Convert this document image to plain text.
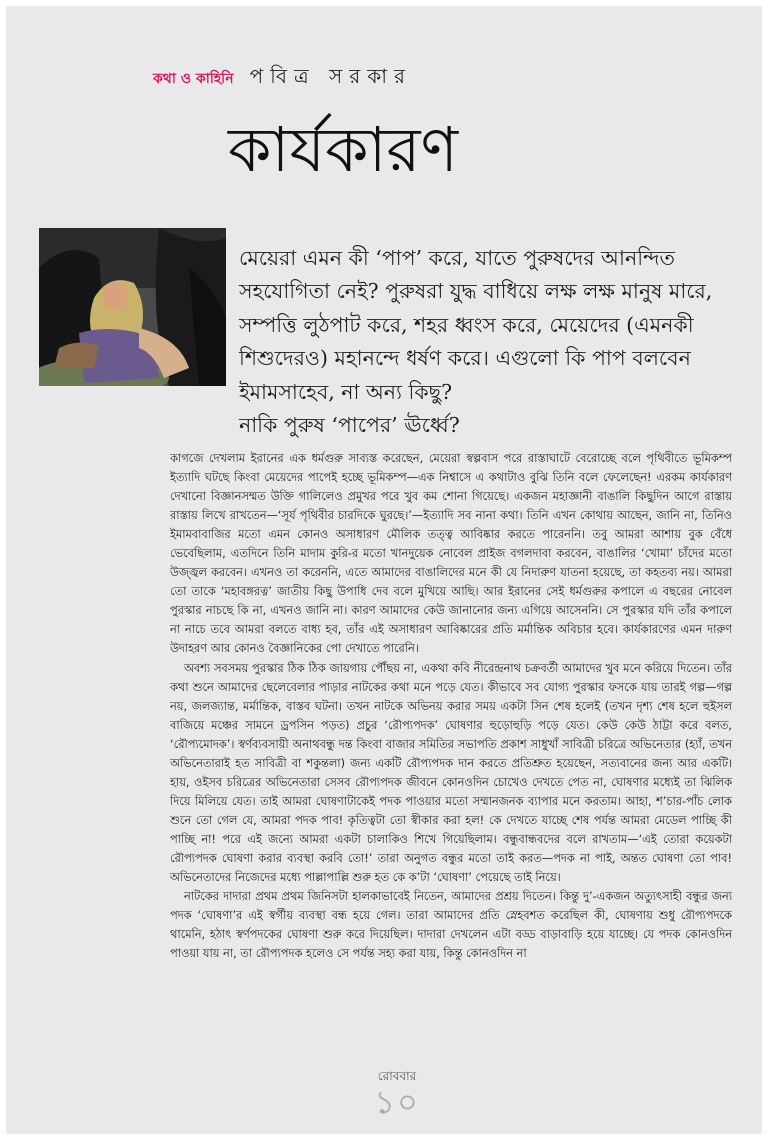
কথা ও কাহিনি পবিত্র সরকার
কার্যকারণ

মেয়েরা এমন কী ‘পাপ’ করে, যাতে পুরুষদের আনন্দিত সহযোগিতা নেই? পুরুষরা যুদ্ধ বাধিয়ে লক্ষ লক্ষ মানুষ মারে, সম্পত্তি লুঠপাট করে, শহর ধ্বংস করে, মেয়েদের (এমনকী শিশুদেরও) মহানন্দে ধর্ষণ করে। এগুলো কি পাপ বলবেন ইমামসাহেব, না অন্য কিছু?

নাকি পুরুষ ‘পাপের’ ঊর্ধ্বে?

কাগজে দেখলাম ইরানের এক ধর্মগুরু সাব্যস্ত করেছেন, মেয়েরা স্বল্পবাস পরে রাস্তাঘাটে বেরোচ্ছে বলে পৃথিবীতে ভূমিকম্প ইত্যাদি ঘটছে কিংবা মেয়েদের পাপেই হচ্ছে ভূমিকম্প—এক নিশ্বাসে এ কথাটাও বুঝি তিনি বলে ফেলেছেন! এরকম কার্যকারণ দেখানো বিজ্ঞানসম্মত উক্তি গালিলেও প্রমুখর পরে খুব কম শোনা গিয়েছে। একজন মহাজ্ঞানী বাঙালি কিছুদিন আগে রাস্তায় রাস্তায় লিখে রাখতেন—‘সূর্য পৃথিবীর চারদিকে ঘুরছে।’—ইত্যাদি সব নানা কথা। তিনি এখন কোথায় আছেন, জানি না, তিনিও ইমামবাবাজির মতো এমন কোনও অসাধারণ মৌলিক তত্ত্ব আবিষ্কার করতে পারেননি। তবু আমরা আশায় বুক বেঁধে ভেবেছিলাম, এতদিনে তিনি মাদাম কুরি-র মতো খানদুয়েক নোবেল প্রাইজ বগলদাবা করবেন, বাঙালির ‘খোমা’ চাঁদের মতো উজ্জ্বল করবেন। এখনও তা করেননি, এতে আমাদের বাঙালিদের মনে কী যে নিদারুণ যাতনা হয়েছে, তা কহতব্য নয়। আমরা তো তাকে ‘মহাবঙ্গরত্ন’ জাতীয় কিছু উপাধি দেব বলে মুখিয়ে আছি। আর ইরানের সেই ধর্মগুরুর কপালে এ বছরের নোবেল পুরস্কার নাচছে কি না, এখনও জানি না। কারণ আমাদের কেউ জানানোর জন্য এগিয়ে আসেননি। সে পুরস্কার যদি তাঁর কপালে না নাচে তবে আমরা বলতে বাধ্য হব, তাঁর এই অসাধারণ আবিষ্কারের প্রতি মর্মান্তিক অবিচার হবে। কার্যকারণের এমন দারুণ উদাহরণ আর কোনও বৈজ্ঞানিকের পো দেখাতে পারেনি।

অবশ্য সবসময় পুরস্কার ঠিক ঠিক জায়গায় পৌঁছয় না, একথা কবি নীরেন্দ্রনাথ চক্রবর্তী আমাদের খুব মনে করিয়ে দিতেন। তাঁর কথা শুনে আমাদের ছেলেবেলার পাড়ার নাটকের কথা মনে পড়ে যেত। কীভাবে সব যোগ্য পুরস্কার ফসকে যায় তারই গল্প—গল্প নয়, জলজ্যান্ত, মর্মান্তিক, বাস্তব ঘটনা। তখন নাটকে অভিনয় করার সময় একটা সিন শেষ হলেই (তখন দৃশ্য শেষ হলে হুইসল বাজিয়ে মঞ্চের সামনে ড্রপসিন পড়ত) প্রচুর ‘রৌপ্যপদক’ ঘোষণার হুড়োহুড়ি পড়ে যেত। কেউ কেউ ঠাট্টা করে বলত, ‘রৌপ্যমোদক’। স্বর্ণব্যবসায়ী অনাথবন্ধু দন্ত কিংবা বাজার সমিতির সভাপতি প্রকাশ সাধুখাঁ সাবিত্রী চরিত্রে অভিনেতার (হ্যাঁ, তখন অভিনেতারাই হত সাবিত্রী বা শকুন্তলা) জন্য একটি রৌপ্যপদক দান করতে প্রতিশ্রুত হয়েছেন, সত্যবানের জন্য আর একটি। হায়, ওইসব চরিত্রের অভিনেতারা সেসব রৌপ্যপদক জীবনে কোনওদিন চোখেও দেখতে পেত না, ঘোষণার মধ্যেই তা ঝিলিক দিয়ে মিলিয়ে যেত। তাই আমরা ঘোষণাটাকেই পদক পাওয়ার মতো সম্মানজনক ব্যাপার মনে করতাম। আহা, শ’চার-পাঁচ লোক শুনে তো গেল যে, আমরা পদক পাব! কৃতিত্বটা তো স্বীকার করা হল! কে দেখতে যাচ্ছে শেষ পর্যন্ত আমরা মেডেল পাচ্ছি কী পাচ্ছি না! পরে এই জন্যে আমরা একটা চালাকিও শিখে গিয়েছিলাম। বন্ধুবান্ধবদের বলে রাখতাম—‘এই তোরা কয়েকটা রৌপ্যপদক ঘোষণা করার ব্যবস্থা করবি তো!’ তারা অনুগত বন্ধুর মতো তাই করত—পদক না পাই, অন্তত ঘোষণা তো পাব! অভিনেতাদের নিজেদের মধ্যে পাল্লাপাল্লি শুরু হত কে ক’টা ‘ঘোষণা’ পেয়েছে তাই নিয়ে।

নাটকের দাদারা প্রথম প্রথম জিনিসটা হালকাভাবেই নিতেন, আমাদের প্রশ্রয় দিতেন। কিন্তু দু’-একজন অত্যুৎসাহী বন্ধুর জন্য পদক ‘ঘোষণা’র এই স্বর্গীয় ব্যবস্থা বন্ধ হয়ে গেল। তারা আমাদের প্রতি স্নেহবশত করেছিল কী, ঘোষণায় শুধু রৌপ্যপদকে থামেনি, হঠাৎ স্বর্ণপদকের ঘোষণা শুরু করে দিয়েছিল। দাদারা দেখলেন এটা বড্ড বাড়াবাড়ি হয়ে যাচ্ছে। যে পদক কোনওদিন পাওয়া যায় না, তা রৌপ্যপদক হলেও সে পর্যন্ত সহ্য করা যায়, কিন্তু কোনওদিন না

রোববার
১০
